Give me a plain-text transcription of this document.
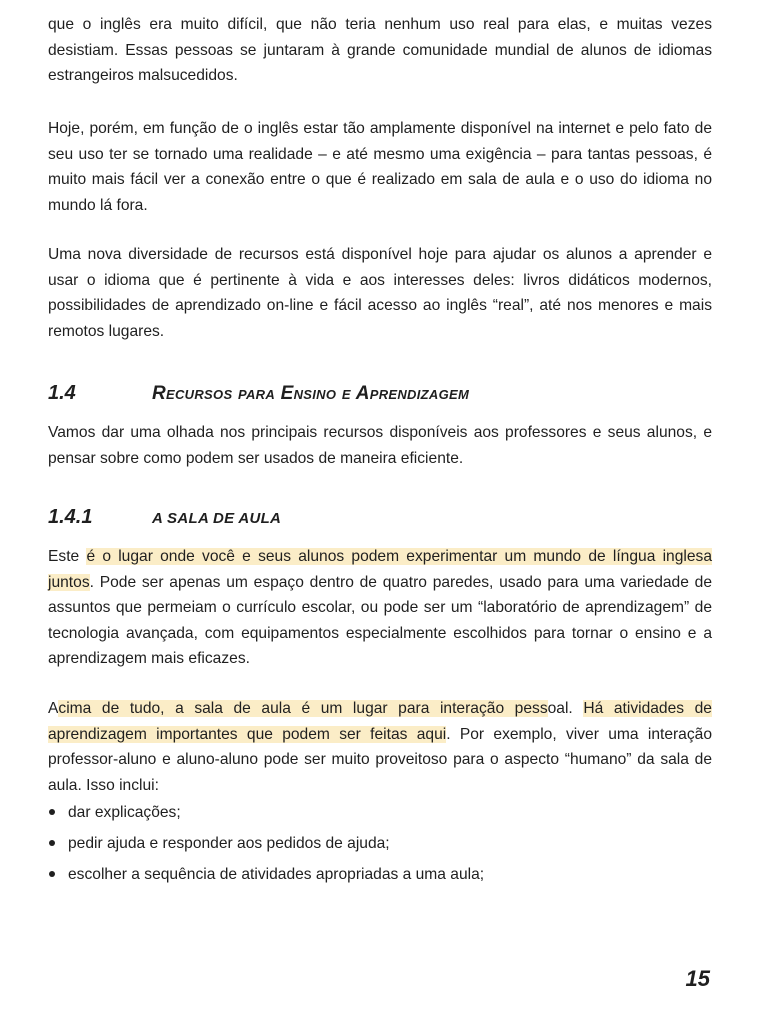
que o inglês era muito difícil, que não teria nenhum uso real para elas, e muitas vezes desistiam. Essas pessoas se juntaram à grande comunidade mundial de alunos de idiomas estrangeiros malsucedidos.

Hoje, porém, em função de o inglês estar tão amplamente disponível na internet e pelo fato de seu uso ter se tornado uma realidade – e até mesmo uma exigência – para tantas pessoas, é muito mais fácil ver a conexão entre o que é realizado em sala de aula e o uso do idioma no mundo lá fora.

Uma nova diversidade de recursos está disponível hoje para ajudar os alunos a aprender e usar o idioma que é pertinente à vida e aos interesses deles: livros didáticos modernos, possibilidades de aprendizado on-line e fácil acesso ao inglês “real”, até nos menores e mais remotos lugares.

1.4	Recursos para Ensino e Aprendizagem

Vamos dar uma olhada nos principais recursos disponíveis aos professores e seus alunos, e pensar sobre como podem ser usados de maneira eficiente.

1.4.1	A SALA DE AULA

Este é o lugar onde você e seus alunos podem experimentar um mundo de língua inglesa juntos. Pode ser apenas um espaço dentro de quatro paredes, usado para uma variedade de assuntos que permeiam o currículo escolar, ou pode ser um “laboratório de aprendizagem” de tecnologia avançada, com equipamentos especialmente escolhidos para tornar o ensino e a aprendizagem mais eficazes.

Acima de tudo, a sala de aula é um lugar para interação pessoal. Há atividades de aprendizagem importantes que podem ser feitas aqui. Por exemplo, viver uma interação professor-aluno e aluno-aluno pode ser muito proveitoso para o aspecto “humano” da sala de aula. Isso inclui:

dar explicações;
pedir ajuda e responder aos pedidos de ajuda;
escolher a sequência de atividades apropriadas a uma aula;
15
